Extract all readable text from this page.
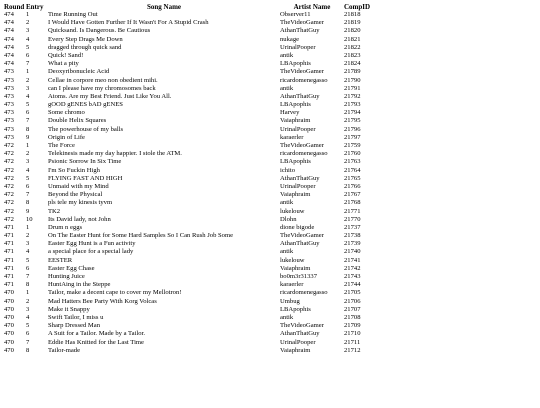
Round	Entry	Song Name	Artist Name	CompID
474	1	Time Running Out	Observer11	21818
474	2	I Would Have Gotten Further If It Wasn't For A Stupid Crash	TheVideoGamer	21819
474	3	Quicksand. Is Dangerous. Be Cautious	AthanThatGuy	21820
474	4	Every Step Drags Me Down	nukage	21821
474	5	dragged through quick sand	UrinalPooper	21822
474	6	Quick! Sand!	antik	21823
474	7	What a pity	LBApophis	21824
473	1	Deoxyribonucleic Acid	TheVideoGamer	21789
473	2	Cellae in corpore meo non obedient mihi.	ricardomenegasso	21790
473	3	can I please have my chromosomes back	antik	21791
473	4	Atoms. Are my Best Friend. Just Like You All.	AthanThatGuy	21792
473	5	gOOD gENES bAD gENES	LBApophis	21793
473	6	Some chromo	Harvey	21794
473	7	Double Helix Squares	Vaiaphraim	21795
473	8	The powerhouse of my balls	UrinalPooper	21796
473	9	Origin of Life	karaerler	21797
472	1	The Force	TheVideoGamer	21759
472	2	Telekinesis made my day happier. I stole the ATM.	ricardomenegasso	21760
472	3	Psionic Sorrow In Six Time	LBApophis	21763
472	4	I'm So Fuckin High	ichito	21764
472	5	FLYING FAST AND HIGH	AthanThatGuy	21765
472	6	Unmaid with my Mind	UrinalPooper	21766
472	7	Beyond the Physical	Vaiaphraim	21767
472	8	pls tele my kinesis tyvm	antik	21768
472	9	TK2	lukelouw	21771
472	10	Its David lady, not John	Dlohn	21770
471	1	Drum n eggs	dione bigode	21737
471	2	On The Easter Hunt for Some Hard Samples So I Can Rush Job Some	TheVideoGamer	21738
471	3	Easter Egg Hunt is a Fun activity	AthanThatGuy	21739
471	4	a special place for a special lady	antik	21740
471	5	EESTER	lukelouw	21741
471	6	Easter Egg Chase	Vaiaphraim	21742
471	7	Hunting Juice	bo0m3r31337	21743
471	8	HuntAing in the Steppe	karaerler	21744
470	1	Tailor, make a decent cape to cover my Mellotron!	ricardomenegasso	21705
470	2	Mad Hatters Bee Party With Korg Volcas	Umbug	21706
470	3	Make it Snappy	LBApophis	21707
470	4	Swift Tailor, I miss u	antik	21708
470	5	Sharp Dressed Man	TheVideoGamer	21709
470	6	A Suit for a Tailor. Made by a Tailor.	AthanThatGuy	21710
470	7	Eddie Has Knitted for the Last Time	UrinalPooper	21711
470	8	Tailor-made	Vaiaphraim	21712
